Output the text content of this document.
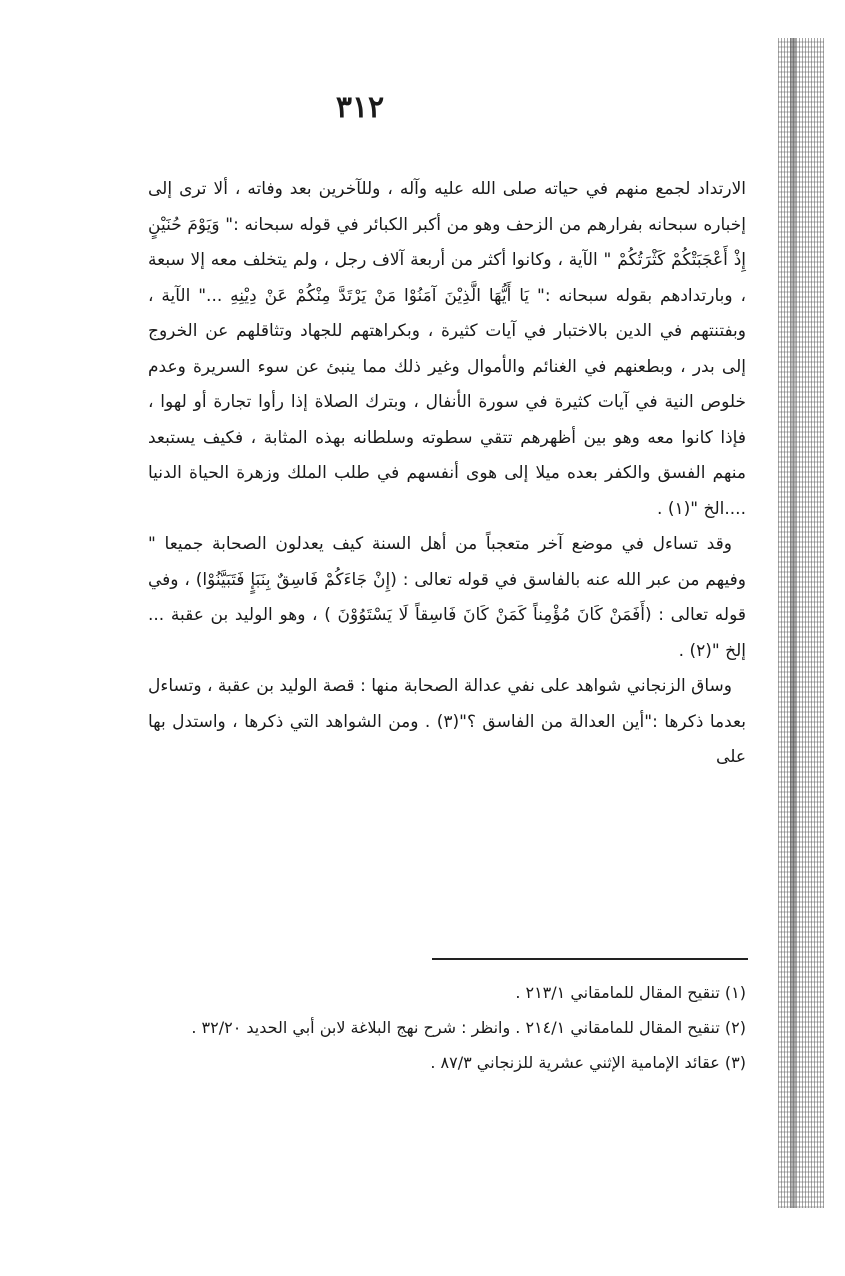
٣١٢

الارتداد لجمع منهم في حياته صلى الله عليه وآله ، وللآخرين بعد وفاته ، ألا ترى إلى إخباره سبحانه بفرارهم من الزحف وهو من أكبر الكبائر في قوله سبحانه :" وَيَوْمَ حُنَيْنٍ إِذْ أَعْجَبَتْكُمْ كَثْرَتُكُمْ " الآية ، وكانوا أكثر من أربعة آلاف رجل ، ولم يتخلف معه إلا سبعة ، وبارتدادهم بقوله سبحانه :" يَا أَيُّهَا الَّذِيْنَ آمَنُوْا مَنْ يَرْتَدَّ مِنْكُمْ عَنْ دِيْنِهِ ..." الآية ، وبفتنتهم في الدين بالاختبار في آيات كثيرة ، وبكراهتهم للجهاد وتثاقلهم عن الخروج إلى بدر ، وبطعنهم في الغنائم والأموال وغير ذلك مما ينبئ عن سوء السريرة وعدم خلوص النية في آيات كثيرة في سورة الأنفال ، وبترك الصلاة إذا رأوا تجارة أو لهوا ، فإذا كانوا معه وهو بين أظهرهم تتقي سطوته وسلطانه بهذه المثابة ، فكيف يستبعد منهم الفسق والكفر بعده ميلا إلى هوى أنفسهم في طلب الملك وزهرة الحياة الدنيا ....الخ "(١) .

وقد تساءل في موضع آخر متعجباً من أهل السنة كيف يعدلون الصحابة جميعا " وفيهم من عبر الله عنه بالفاسق في قوله تعالى : (إِنْ جَاءَكُمْ فَاسِقٌ بِنَبَإٍ فَتَبَيَّنُوْا) ، وفي قوله تعالى : (أَفَمَنْ كَانَ مُؤْمِناً كَمَنْ كَانَ فَاسِقاً لَا يَسْتَوُوْنَ ) ، وهو الوليد بن عقبة ... إلخ "(٢) .

وساق الزنجاني شواهد على نفي عدالة الصحابة منها : قصة الوليد بن عقبة ، وتساءل بعدما ذكرها :"أين العدالة من الفاسق ؟"(٣) . ومن الشواهد التي ذكرها ، واستدل بها على

(١) تنقيح المقال للمامقاني ٢١٣/١ .

(٢) تنقيح المقال للمامقاني ٢١٤/١ . وانظر : شرح نهج البلاغة لابن أبي الحديد ٣٢/٢٠ .

(٣) عقائد الإمامية الإثني عشرية للزنجاني ٨٧/٣ .
